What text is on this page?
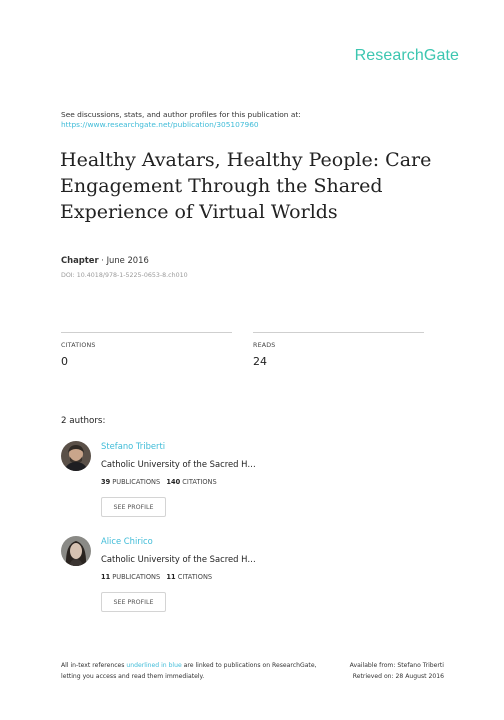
ResearchGate
See discussions, stats, and author profiles for this publication at:
https://www.researchgate.net/publication/305107960
Healthy Avatars, Healthy People: Care
Engagement Through the Shared
Experience of Virtual Worlds
Chapter · June 2016
DOI: 10.4018/978-1-5225-0653-8.ch010
CITATIONS
0
READS
24
2 authors:
Stefano Triberti
Catholic University of the Sacred H…
39 PUBLICATIONS 140 CITATIONS
SEE PROFILE
Alice Chirico
Catholic University of the Sacred H…
11 PUBLICATIONS 11 CITATIONS
SEE PROFILE
All in-text references underlined in blue are linked to publications on ResearchGate,
letting you access and read them immediately.
Available from: Stefano Triberti
Retrieved on: 28 August 2016
